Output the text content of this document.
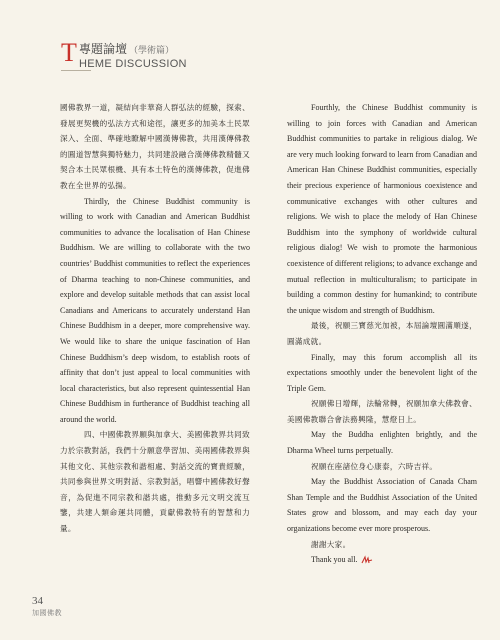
T 專題論壇 （學術篇）
HEME DISCUSSION

國佛教界一道，凝結向非華裔人群弘法的經驗，探索、發展更契機的弘法方式和途徑，讓更多的加美本土民眾深入、全面、準確地瞭解中國漢傳佛教，共用漢傳佛教的圓道智慧與獨特魅力，共同建設融合漢傳佛教精髓又契合本土民眾根機、具有本土特色的漢傳佛教，促進佛教在全世界的弘揚。

Thirdly, the Chinese Buddhist community is willing to work with Canadian and American Buddhist communities to advance the localisation of Han Chinese Buddhism. We are willing to collaborate with the two countries’ Buddhist communities to reflect the experiences of Dharma teaching to non-Chinese communities, and explore and develop suitable methods that can assist local Canadians and Americans to accurately understand Han Chinese Buddhism in a deeper, more comprehensive way. We would like to share the unique fascination of Han Chinese Buddhism’s deep wisdom, to establish roots of affinity that don’t just appeal to local communities with local characteristics, but also represent quintessential Han Chinese Buddhism in furtherance of Buddhist teaching all around the world.

四、中國佛教界願與加拿大、美國佛教界共同致力於宗教對話，我們十分願意學習加、美兩國佛教界與其他文化、其他宗教和諧相處、對話交流的寶貴經驗，共同參與世界文明對話、宗教對話，唱響中國佛教好聲音，為促進不同宗教和諧共處，推動多元文明交流互鑒，共建人類命運共同體，貢獻佛教特有的智慧和力量。

Fourthly, the Chinese Buddhist community is willing to join forces with Canadian and American Buddhist communities to partake in religious dialog. We are very much looking forward to learn from Canadian and American Han Chinese Buddhist communities, especially their precious experience of harmonious coexistence and communicative exchanges with other cultures and religions. We wish to place the melody of Han Chinese Buddhism into the symphony of worldwide cultural religious dialog! We wish to promote the harmonious coexistence of different religions; to advance exchange and mutual reflection in multiculturalism; to participate in building a common destiny for humankind; to contribute the unique wisdom and strength of Buddhism.

最後，祝願三寶慈光加被，本屆論壇圓滿順遂，圓滿成就。

Finally, may this forum accomplish all its expectations smoothly under the benevolent light of the Triple Gem.

祝願佛日增輝，法輪常轉，祝願加拿大佛教會、美國佛教聯合會法務興隆，慧燈日上。

May the Buddha enlighten brightly, and the Dharma Wheel turns perpetually.

祝願在座諸位身心康泰，六時吉祥。

May the Buddhist Association of Canada Cham Shan Temple and the Buddhist Association of the United States grow and blossom, and may each day your organizations become ever more prosperous.

謝謝大家。

Thank you all.

34
加國佛教
